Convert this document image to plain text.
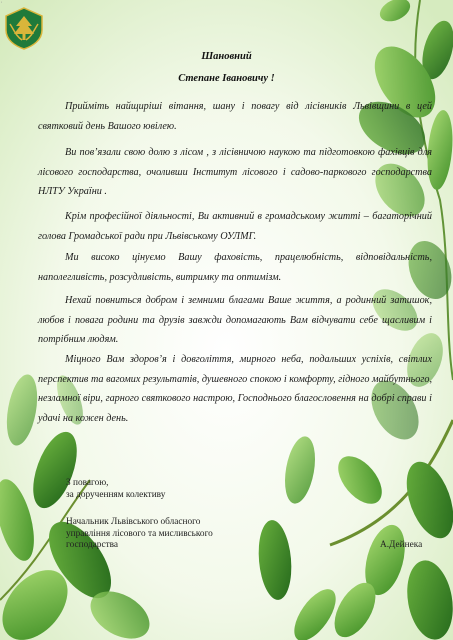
▪
Шановний
Степане Івановичу !
Прийміть найщиріші вітання, шану і повагу від лісівників Львівщини в цей святковий день Вашого ювілею.
Ви пов’язали свою долю з лісом , з лісівничою наукою та підготовкою фахівців для лісового господарства, очоливши Інститут лісового і садово-паркового господарства НЛТУ України .
Крім професійної діяльності, Ви активний в громадському житті – багаторічний голова Громадської ради при Львівському ОУЛМГ.
Ми високо цінуємо Вашу фаховість, працелюбність, відповідальність, наполегливість, розсудливість, витримку та оптимізм.
Нехай повниться добром і земними благами Ваше життя, а родинний затишок, любов і повага родини та друзів завжди допомагають Вам відчувати себе щасливим і потрібним людям.
Міцного Вам здоров’я і довголіття, мирного неба, подальших успіхів, світлих перспектив та вагомих результатів, душевного спокою і комфорту, гідного майбутнього, незламної віри, гарного святкового настрою, Господнього благословення на добрі справи і удачі на кожен день.
З повагою,
за дорученням колективу
Начальник Львівського обласного
управління лісового та мисливського
господарства	А.Дейнека
